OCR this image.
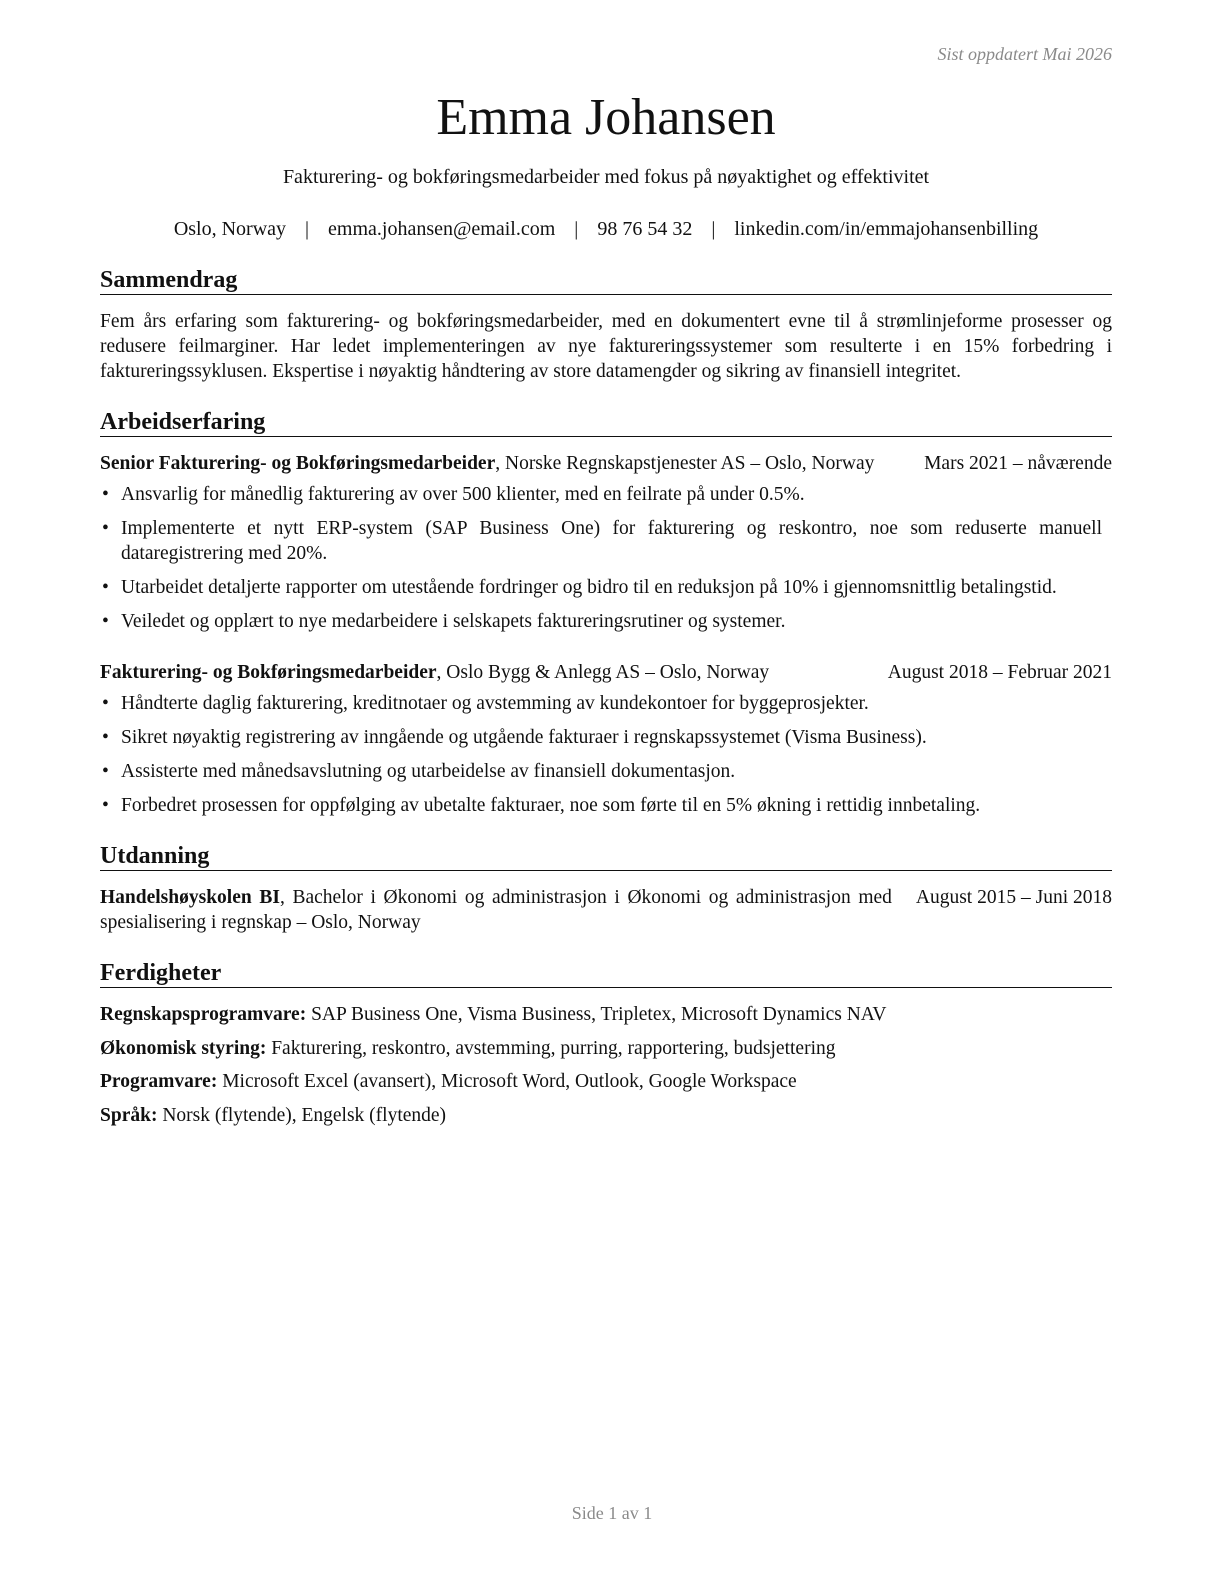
Sist oppdatert Mai 2026
Emma Johansen
Fakturering- og bokføringsmedarbeider med fokus på nøyaktighet og effektivitet
Oslo, Norway | emma.johansen@email.com | 98 76 54 32 | linkedin.com/in/emmajohansenbilling
Sammendrag
Fem års erfaring som fakturering- og bokføringsmedarbeider, med en dokumentert evne til å strømlinjeforme prosesser og redusere feilmarginer. Har ledet implementeringen av nye faktureringssystemer som resulterte i en 15% forbedring i faktureringssyklusen. Ekspertise i nøyaktig håndtering av store datamengder og sikring av finansiell integritet.
Arbeidserfaring
Senior Fakturering- og Bokføringsmedarbeider, Norske Regnskapstjenester AS – Oslo, Norway	Mars 2021 – nåværende
• Ansvarlig for månedlig fakturering av over 500 klienter, med en feilrate på under 0.5%.
• Implementerte et nytt ERP-system (SAP Business One) for fakturering og reskontro, noe som reduserte manuell dataregistrering med 20%.
• Utarbeidet detaljerte rapporter om utestående fordringer og bidro til en reduksjon på 10% i gjennomsnittlig betalingstid.
• Veiledet og opplært to nye medarbeidere i selskapets faktureringsrutiner og systemer.
Fakturering- og Bokføringsmedarbeider, Oslo Bygg & Anlegg AS – Oslo, Norway	August 2018 – Februar 2021
• Håndterte daglig fakturering, kreditnotaer og avstemming av kundekontoer for byggeprosjekter.
• Sikret nøyaktig registrering av inngående og utgående fakturaer i regnskapssystemet (Visma Business).
• Assisterte med månedsavslutning og utarbeidelse av finansiell dokumentasjon.
• Forbedret prosessen for oppfølging av ubetalte fakturaer, noe som førte til en 5% økning i rettidig innbetaling.
Utdanning
Handelshøyskolen BI, Bachelor i Økonomi og administrasjon i Økonomi og administrasjon med spesialisering i regnskap – Oslo, Norway
August 2015 – Juni 2018
Ferdigheter
Regnskapsprogramvare: SAP Business One, Visma Business, Tripletex, Microsoft Dynamics NAV
Økonomisk styring: Fakturering, reskontro, avstemming, purring, rapportering, budsjettering
Programvare: Microsoft Excel (avansert), Microsoft Word, Outlook, Google Workspace
Språk: Norsk (flytende), Engelsk (flytende)
Side 1 av 1
